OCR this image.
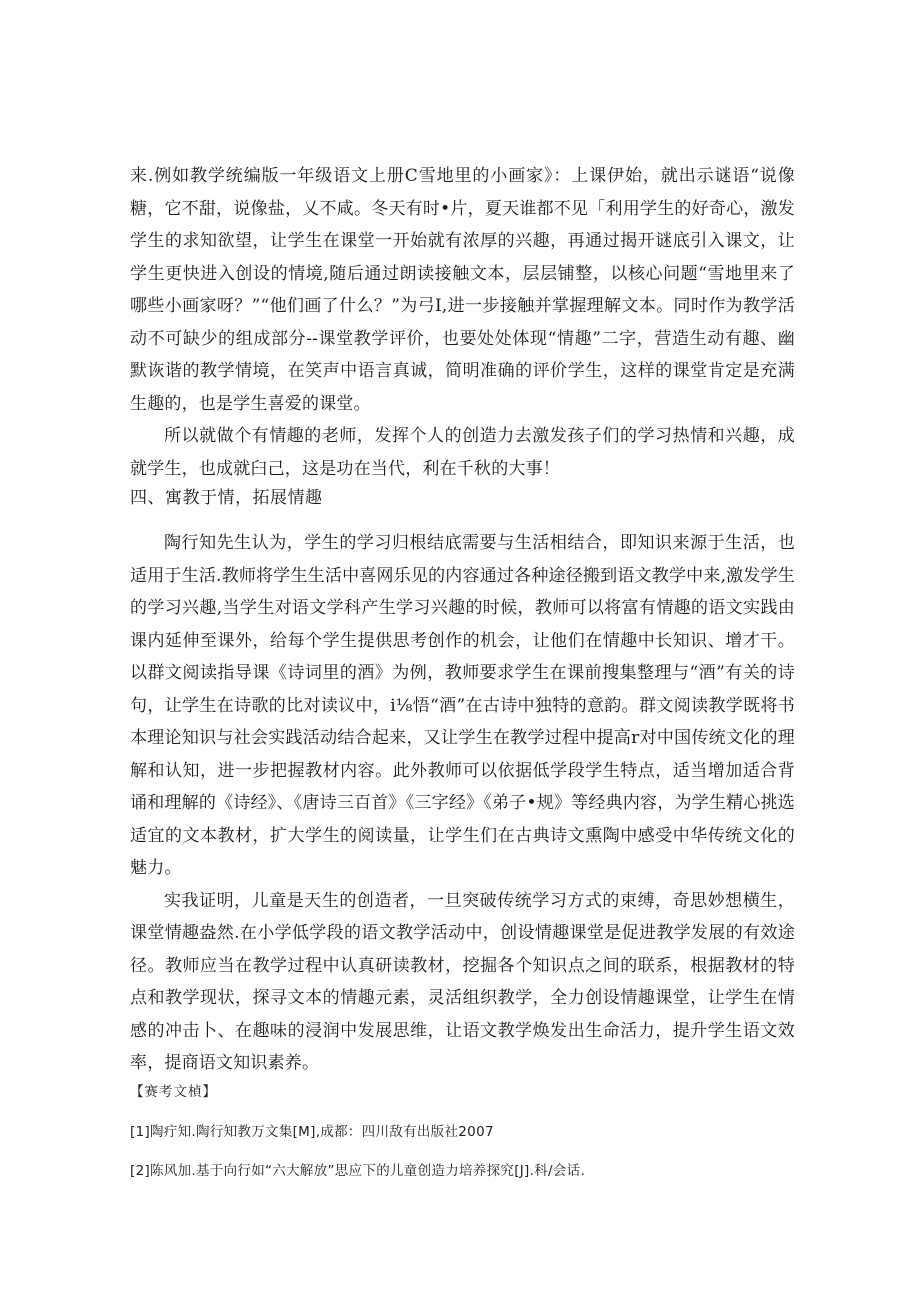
来.例如教学统编版一年级语文上册C雪地里的小画家》：上课伊始，就出示谜语“说像糖，它不甜，说像盐，乂不咸。冬天有时•片，夏天谁都不见「利用学生的好奇心，激发学生的求知欲望，让学生在课堂一开始就有浓厚的兴趣，再通过揭开谜底引入课文，让学生更快进入创设的情境,随后通过朗读接触文本，层层铺整，以核心问题“雪地里来了哪些小画家呀？”“他们画了什么？”为弓I,进一步接触并掌握理解文本。同时作为教学活动不可缺少的组成部分--课堂教学评价，也要处处体现“情趣”二字，营造生动有趣、幽默诙谐的教学情境，在笑声中语言真诚，简明准确的评价学生，这样的课堂肯定是充满生趣的，也是学生喜爱的课堂。

所以就做个有情趣的老师，发挥个人的创造力去激发孩子们的学习热情和兴趣，成就学生，也成就臼己，这是功在当代，利在千秋的大事！

四、寓教于情，拓展情趣

陶行知先生认为，学生的学习归根结底需要与生活相结合，即知识来源于生活，也适用于生活.教师将学生生活中喜网乐见的内容通过各种途径搬到语文教学中来,激发学生的学习兴趣,当学生对语文学科产生学习兴趣的时候，教师可以将富有情趣的语文实践由课内延伸至课外，给每个学生提供思考创作的机会，让他们在情趣中长知识、增才干。以群文阅读指导课《诗词里的酒》为例，教师要求学生在课前搜集整理与“酒”有关的诗句，让学生在诗歌的比对读议中，i⅛悟“酒”在古诗中独特的意韵。群文阅读教学既将书本理论知识与社会实践活动结合起来，又让学生在教学过程中提高r对中国传统文化的理解和认知，进一步把握教材内容。此外教师可以依据低学段学生特点，适当增加适合背诵和理解的《诗经》、《唐诗三百首》《三字经》《弟子•规》等经典内容，为学生精心挑选适宜的文本教材，扩大学生的阅读量，让学生们在古典诗文熏陶中感受中华传统文化的魅力。

实我证明，儿童是天生的创造者，一旦突破传统学习方式的束缚，奇思妙想横生，课堂情趣盎然.在小学低学段的语文教学活动中，创设情趣课堂是促进教学发展的有效途径。教师应当在教学过程中认真研读教材，挖掘各个知识点之间的联系，根据教材的特点和教学现状，探寻文本的情趣元素，灵活组织教学，全力创设情趣课堂，让学生在情感的冲击卜、在趣味的浸润中发展思维，让语文教学焕发出生命活力，提升学生语文效率，提商语文知识素养。

【赛考文楨】
[1]陶疔知.陶行知教万文集[M],成都：四川敌有出版社2007
[2]陈风加.基于向行如“六大解放”思应下的儿童创造力培养探究[J].科/会话.
